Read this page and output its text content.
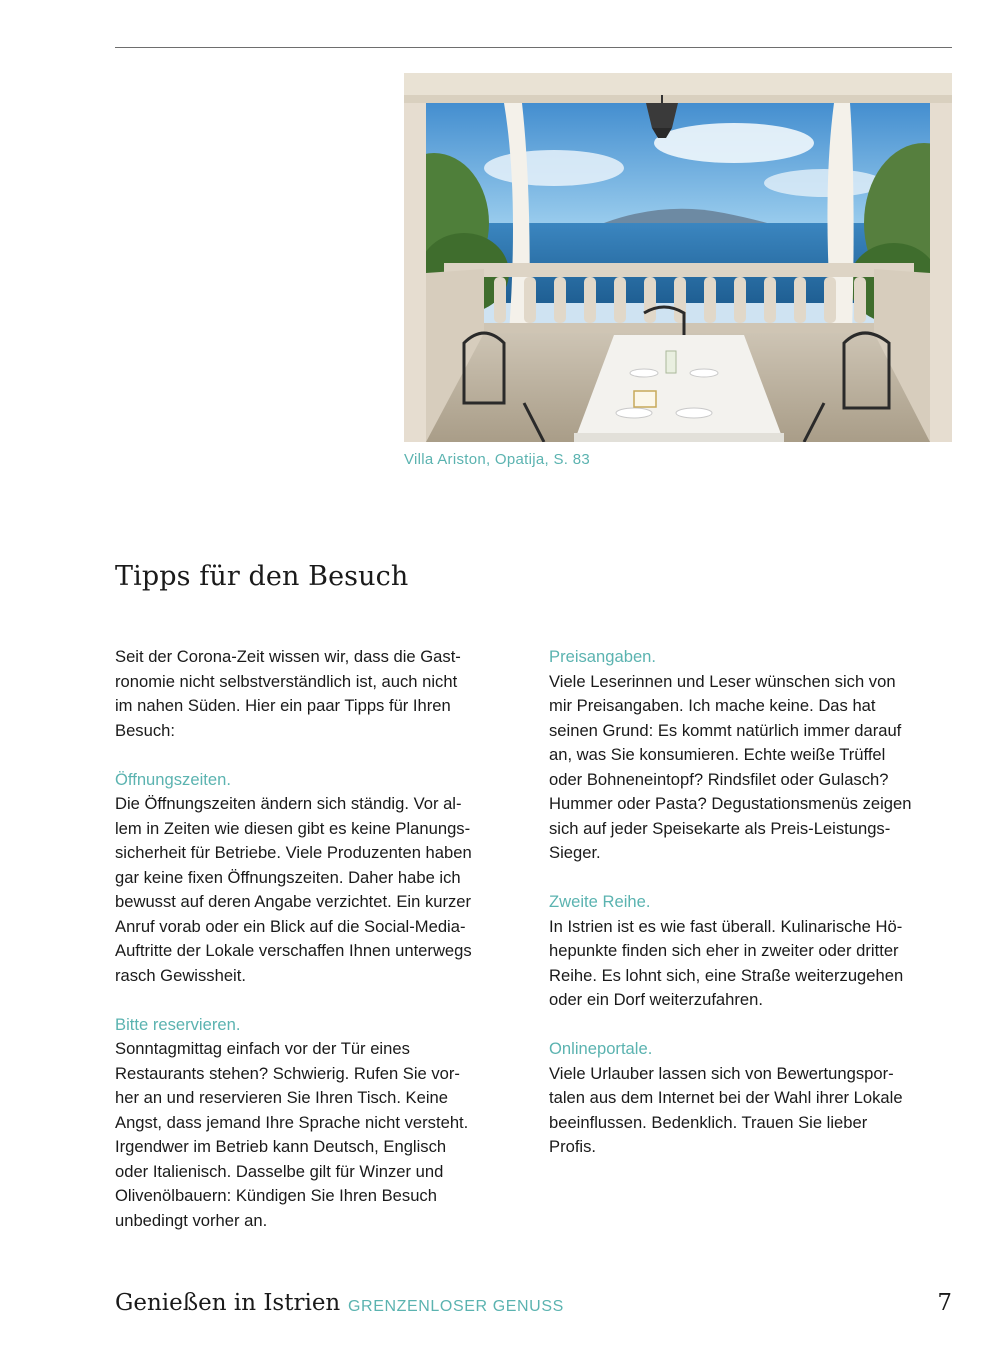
Villa Ariston, Opatija, S. 83
Tipps für den Besuch

Seit der Corona-Zeit wissen wir, dass die Gast-
ronomie nicht selbstverständlich ist, auch nicht
im nahen Süden. Hier ein paar Tipps für Ihren
Besuch:

Öffnungszeiten.
Die Öffnungszeiten ändern sich ständig. Vor al-
lem in Zeiten wie diesen gibt es keine Planungs-
sicherheit für Betriebe. Viele Produzenten haben
gar keine fixen Öffnungszeiten. Daher habe ich
bewusst auf deren Angabe verzichtet. Ein kurzer
Anruf vorab oder ein Blick auf die Social-Media-
Auftritte der Lokale verschaffen Ihnen unterwegs
rasch Gewissheit.

Bitte reservieren.
Sonntagmittag einfach vor der Tür eines
Restaurants stehen? Schwierig. Rufen Sie vor-
her an und reservieren Sie Ihren Tisch. Keine
Angst, dass jemand Ihre Sprache nicht versteht.
Irgendwer im Betrieb kann Deutsch, Englisch
oder Italienisch. Dasselbe gilt für Winzer und
Olivenölbauern: Kündigen Sie Ihren Besuch
unbedingt vorher an.

Preisangaben.
Viele Leserinnen und Leser wünschen sich von
mir Preisangaben. Ich mache keine. Das hat
seinen Grund: Es kommt natürlich immer darauf
an, was Sie konsumieren. Echte weiße Trüffel
oder Bohneneintopf? Rindsfilet oder Gulasch?
Hummer oder Pasta? Degustationsmenüs zeigen
sich auf jeder Speisekarte als Preis-Leistungs-
Sieger.

Zweite Reihe.
In Istrien ist es wie fast überall. Kulinarische Hö-
hepunkte finden sich eher in zweiter oder dritter
Reihe. Es lohnt sich, eine Straße weiterzugehen
oder ein Dorf weiterzufahren.

Onlineportale.
Viele Urlauber lassen sich von Bewertungspor-
talen aus dem Internet bei der Wahl ihrer Lokale
beeinflussen. Bedenklich. Trauen Sie lieber
Profis.

Genießen in Istrien GRENZENLOSER GENUSS	7
